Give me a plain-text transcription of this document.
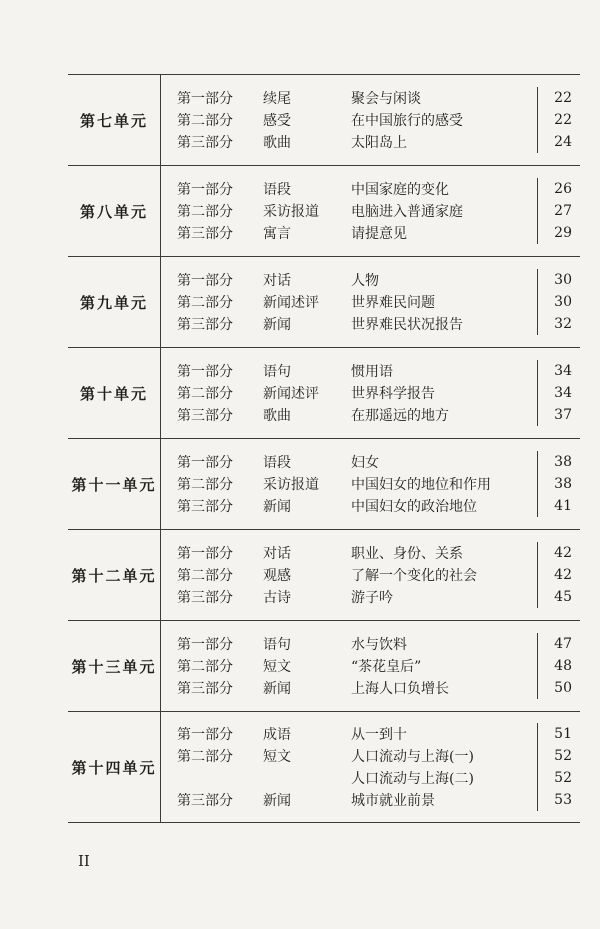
第七单元
第一部分	续尾	聚会与闲谈	22
第二部分	感受	在中国旅行的感受	22
第三部分	歌曲	太阳岛上	24
第八单元
第一部分	语段	中国家庭的变化	26
第二部分	采访报道	电脑进入普通家庭	27
第三部分	寓言	请提意见	29
第九单元
第一部分	对话	人物	30
第二部分	新闻述评	世界难民问题	30
第三部分	新闻	世界难民状况报告	32
第十单元
第一部分	语句	惯用语	34
第二部分	新闻述评	世界科学报告	34
第三部分	歌曲	在那遥远的地方	37
第十一单元
第一部分	语段	妇女	38
第二部分	采访报道	中国妇女的地位和作用	38
第三部分	新闻	中国妇女的政治地位	41
第十二单元
第一部分	对话	职业、身份、关系	42
第二部分	观感	了解一个变化的社会	42
第三部分	古诗	游子吟	45
第十三单元
第一部分	语句	水与饮料	47
第二部分	短文	“茶花皇后”	48
第三部分	新闻	上海人口负增长	50
第十四单元
第一部分	成语	从一到十	51
第二部分	短文	人口流动与上海(一)	52
人口流动与上海(二)	52
第三部分	新闻	城市就业前景	53
II
